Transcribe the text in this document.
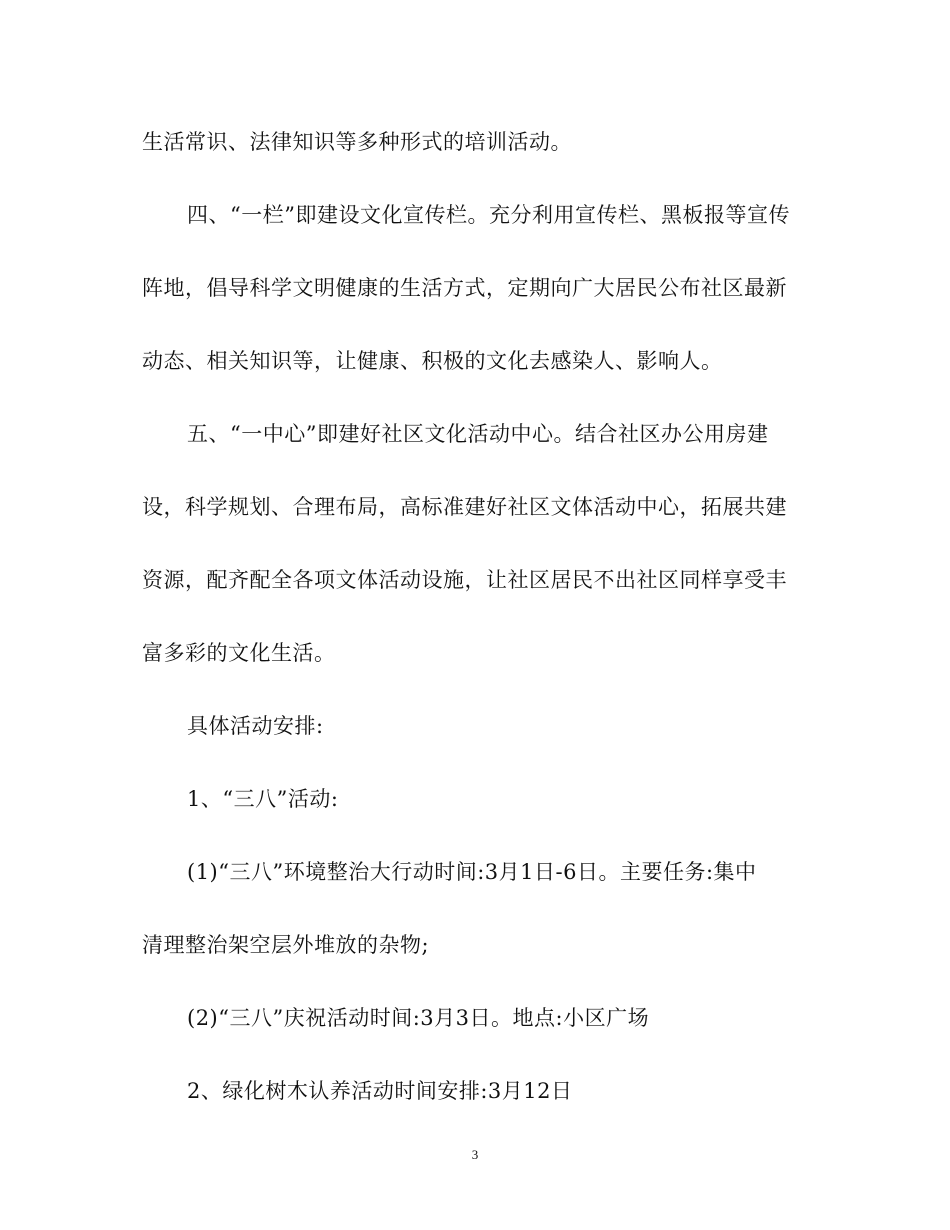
生活常识、法律知识等多种形式的培训活动。
四、“一栏”即建设文化宣传栏。充分利用宣传栏、黑板报等宣传
阵地，倡导科学文明健康的生活方式，定期向广大居民公布社区最新
动态、相关知识等，让健康、积极的文化去感染人、影响人。
五、“一中心”即建好社区文化活动中心。结合社区办公用房建
设，科学规划、合理布局，高标准建好社区文体活动中心，拓展共建
资源，配齐配全各项文体活动设施，让社区居民不出社区同样享受丰
富多彩的文化生活。
具体活动安排:
1、“三八”活动:
(1)“三八”环境整治大行动时间:3月1日-6日。主要任务:集中
清理整治架空层外堆放的杂物;
(2)“三八”庆祝活动时间:3月3日。地点:小区广场
2、绿化树木认养活动时间安排:3月12日
3
